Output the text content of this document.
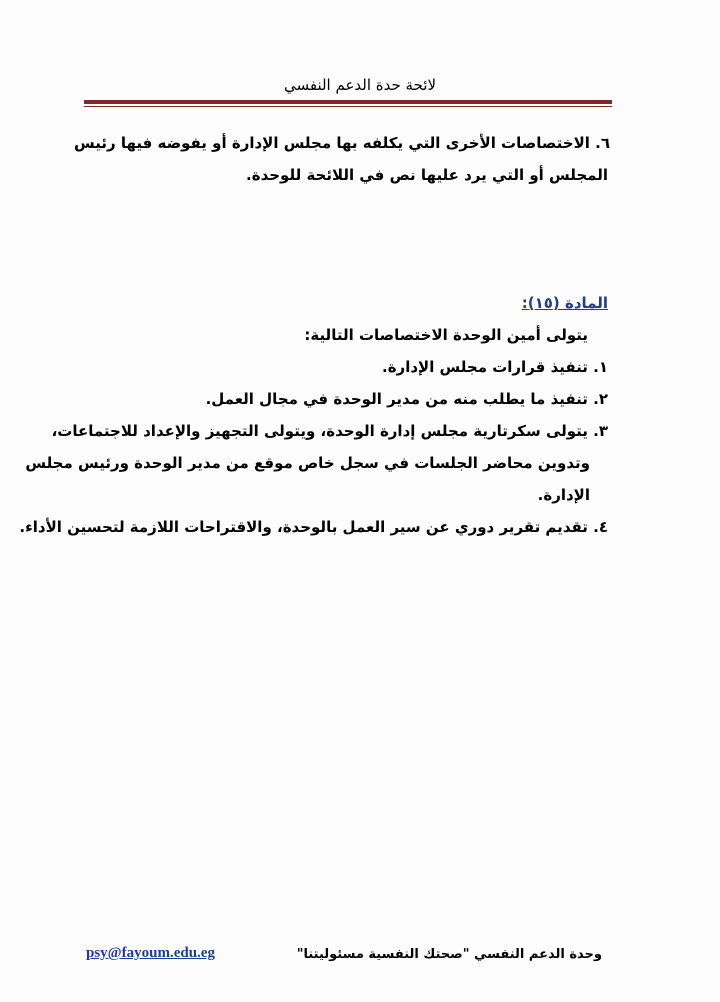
لائحة حدة الدعم النفسي
٦. الاختصاصات الأخرى التي يكلفه بها مجلس الإدارة أو يفوضه فيها رئيس
المجلس أو التي يرد عليها نص في اللائحة للوحدة.
المادة (١٥):
يتولى أمين الوحدة الاختصاصات التالية:
١. تنفيذ قرارات مجلس الإدارة.
٢. تنفيذ ما يطلب منه من مدير الوحدة في مجال العمل.
٣. يتولى سكرتارية مجلس إدارة الوحدة، ويتولى التجهيز والإعداد للاجتماعات،
وتدوين محاضر الجلسات في سجل خاص موقع من مدير الوحدة ورئيس مجلس
الإدارة.
٤. تقديم تقرير دوري عن سير العمل بالوحدة، والاقتراحات اللازمة لتحسين الأداء.
وحدة الدعم النفسي "صحتك النفسية مسئوليتنا"
psy@fayoum.edu.eg
